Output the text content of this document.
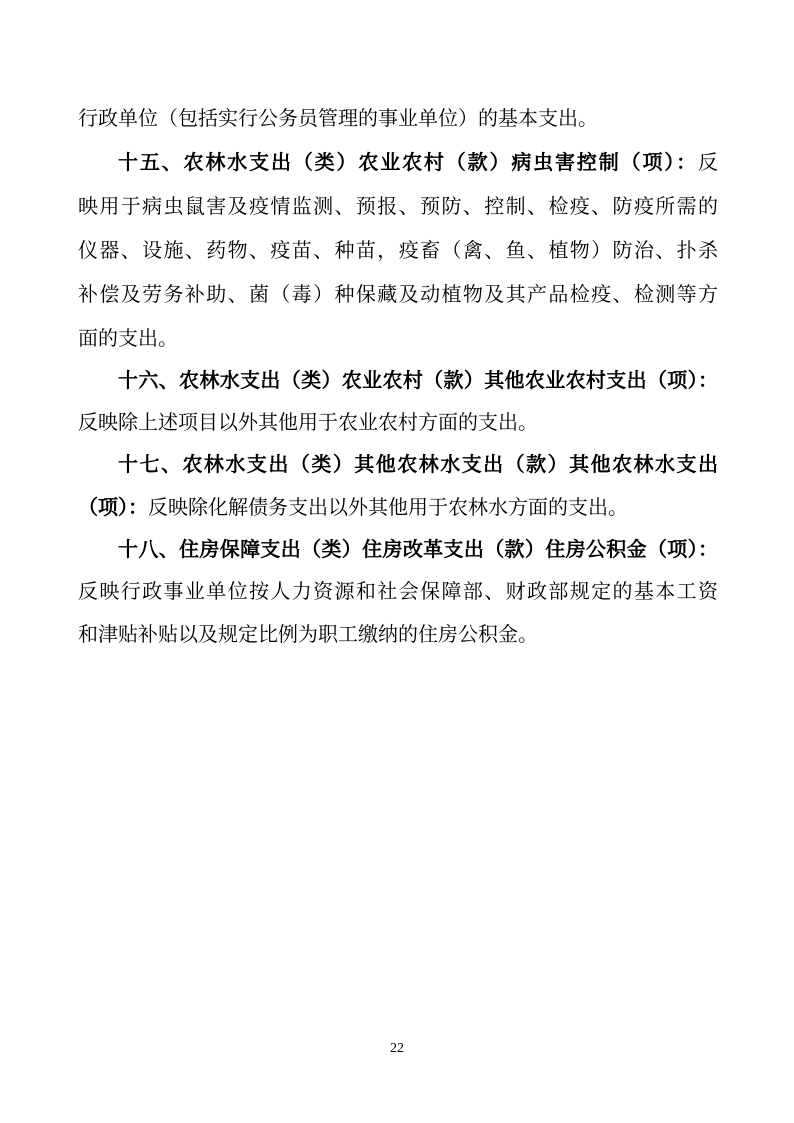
行政单位（包括实行公务员管理的事业单位）的基本支出。
十五、农林水支出（类）农业农村（款）病虫害控制（项）：反
映用于病虫鼠害及疫情监测、预报、预防、控制、检疫、防疫所需的
仪器、设施、药物、疫苗、种苗，疫畜（禽、鱼、植物）防治、扑杀
补偿及劳务补助、菌（毒）种保藏及动植物及其产品检疫、检测等方
面的支出。
十六、农林水支出（类）农业农村（款）其他农业农村支出（项）：
反映除上述项目以外其他用于农业农村方面的支出。
十七、农林水支出（类）其他农林水支出（款）其他农林水支出
（项）：反映除化解债务支出以外其他用于农林水方面的支出。
十八、住房保障支出（类）住房改革支出（款）住房公积金（项）：
反映行政事业单位按人力资源和社会保障部、财政部规定的基本工资
和津贴补贴以及规定比例为职工缴纳的住房公积金。
22
